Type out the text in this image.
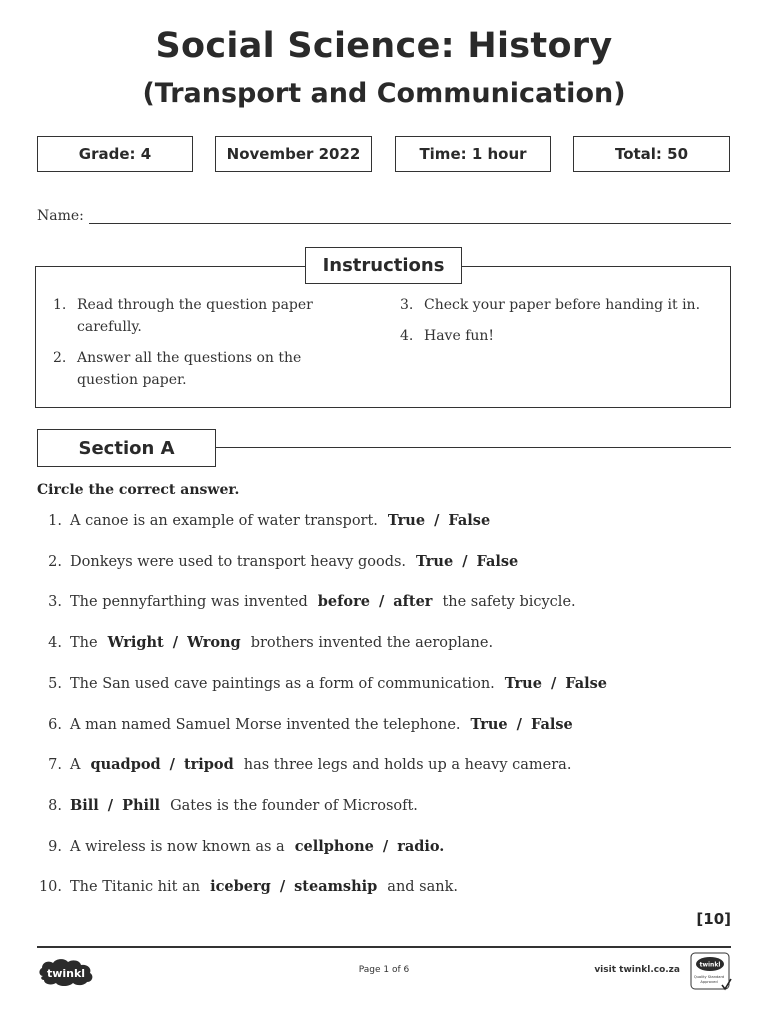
Social Science: History
(Transport and Communication)
Grade: 4	November 2022	Time: 1 hour	Total: 50
Name:
Instructions
1. Read through the question paper
carefully.
2. Answer all the questions on the
question paper.
3. Check your paper before handing it in.
4. Have fun!
Section A
Circle the correct answer.
1. A canoe is an example of water transport. True / False
2. Donkeys were used to transport heavy goods. True / False
3. The pennyfarthing was invented before / after the safety bicycle.
4. The Wright / Wrong brothers invented the aeroplane.
5. The San used cave paintings as a form of communication. True / False
6. A man named Samuel Morse invented the telephone. True / False
7. A quadpod / tripod has three legs and holds up a heavy camera.
8. Bill / Phill Gates is the founder of Microsoft.
9. A wireless is now known as a cellphone / radio.
10. The Titanic hit an iceberg / steamship and sank.
[10]
twinkl	Page 1 of 6	visit twinkl.co.za	twinkl
Quality Standard
Approved
